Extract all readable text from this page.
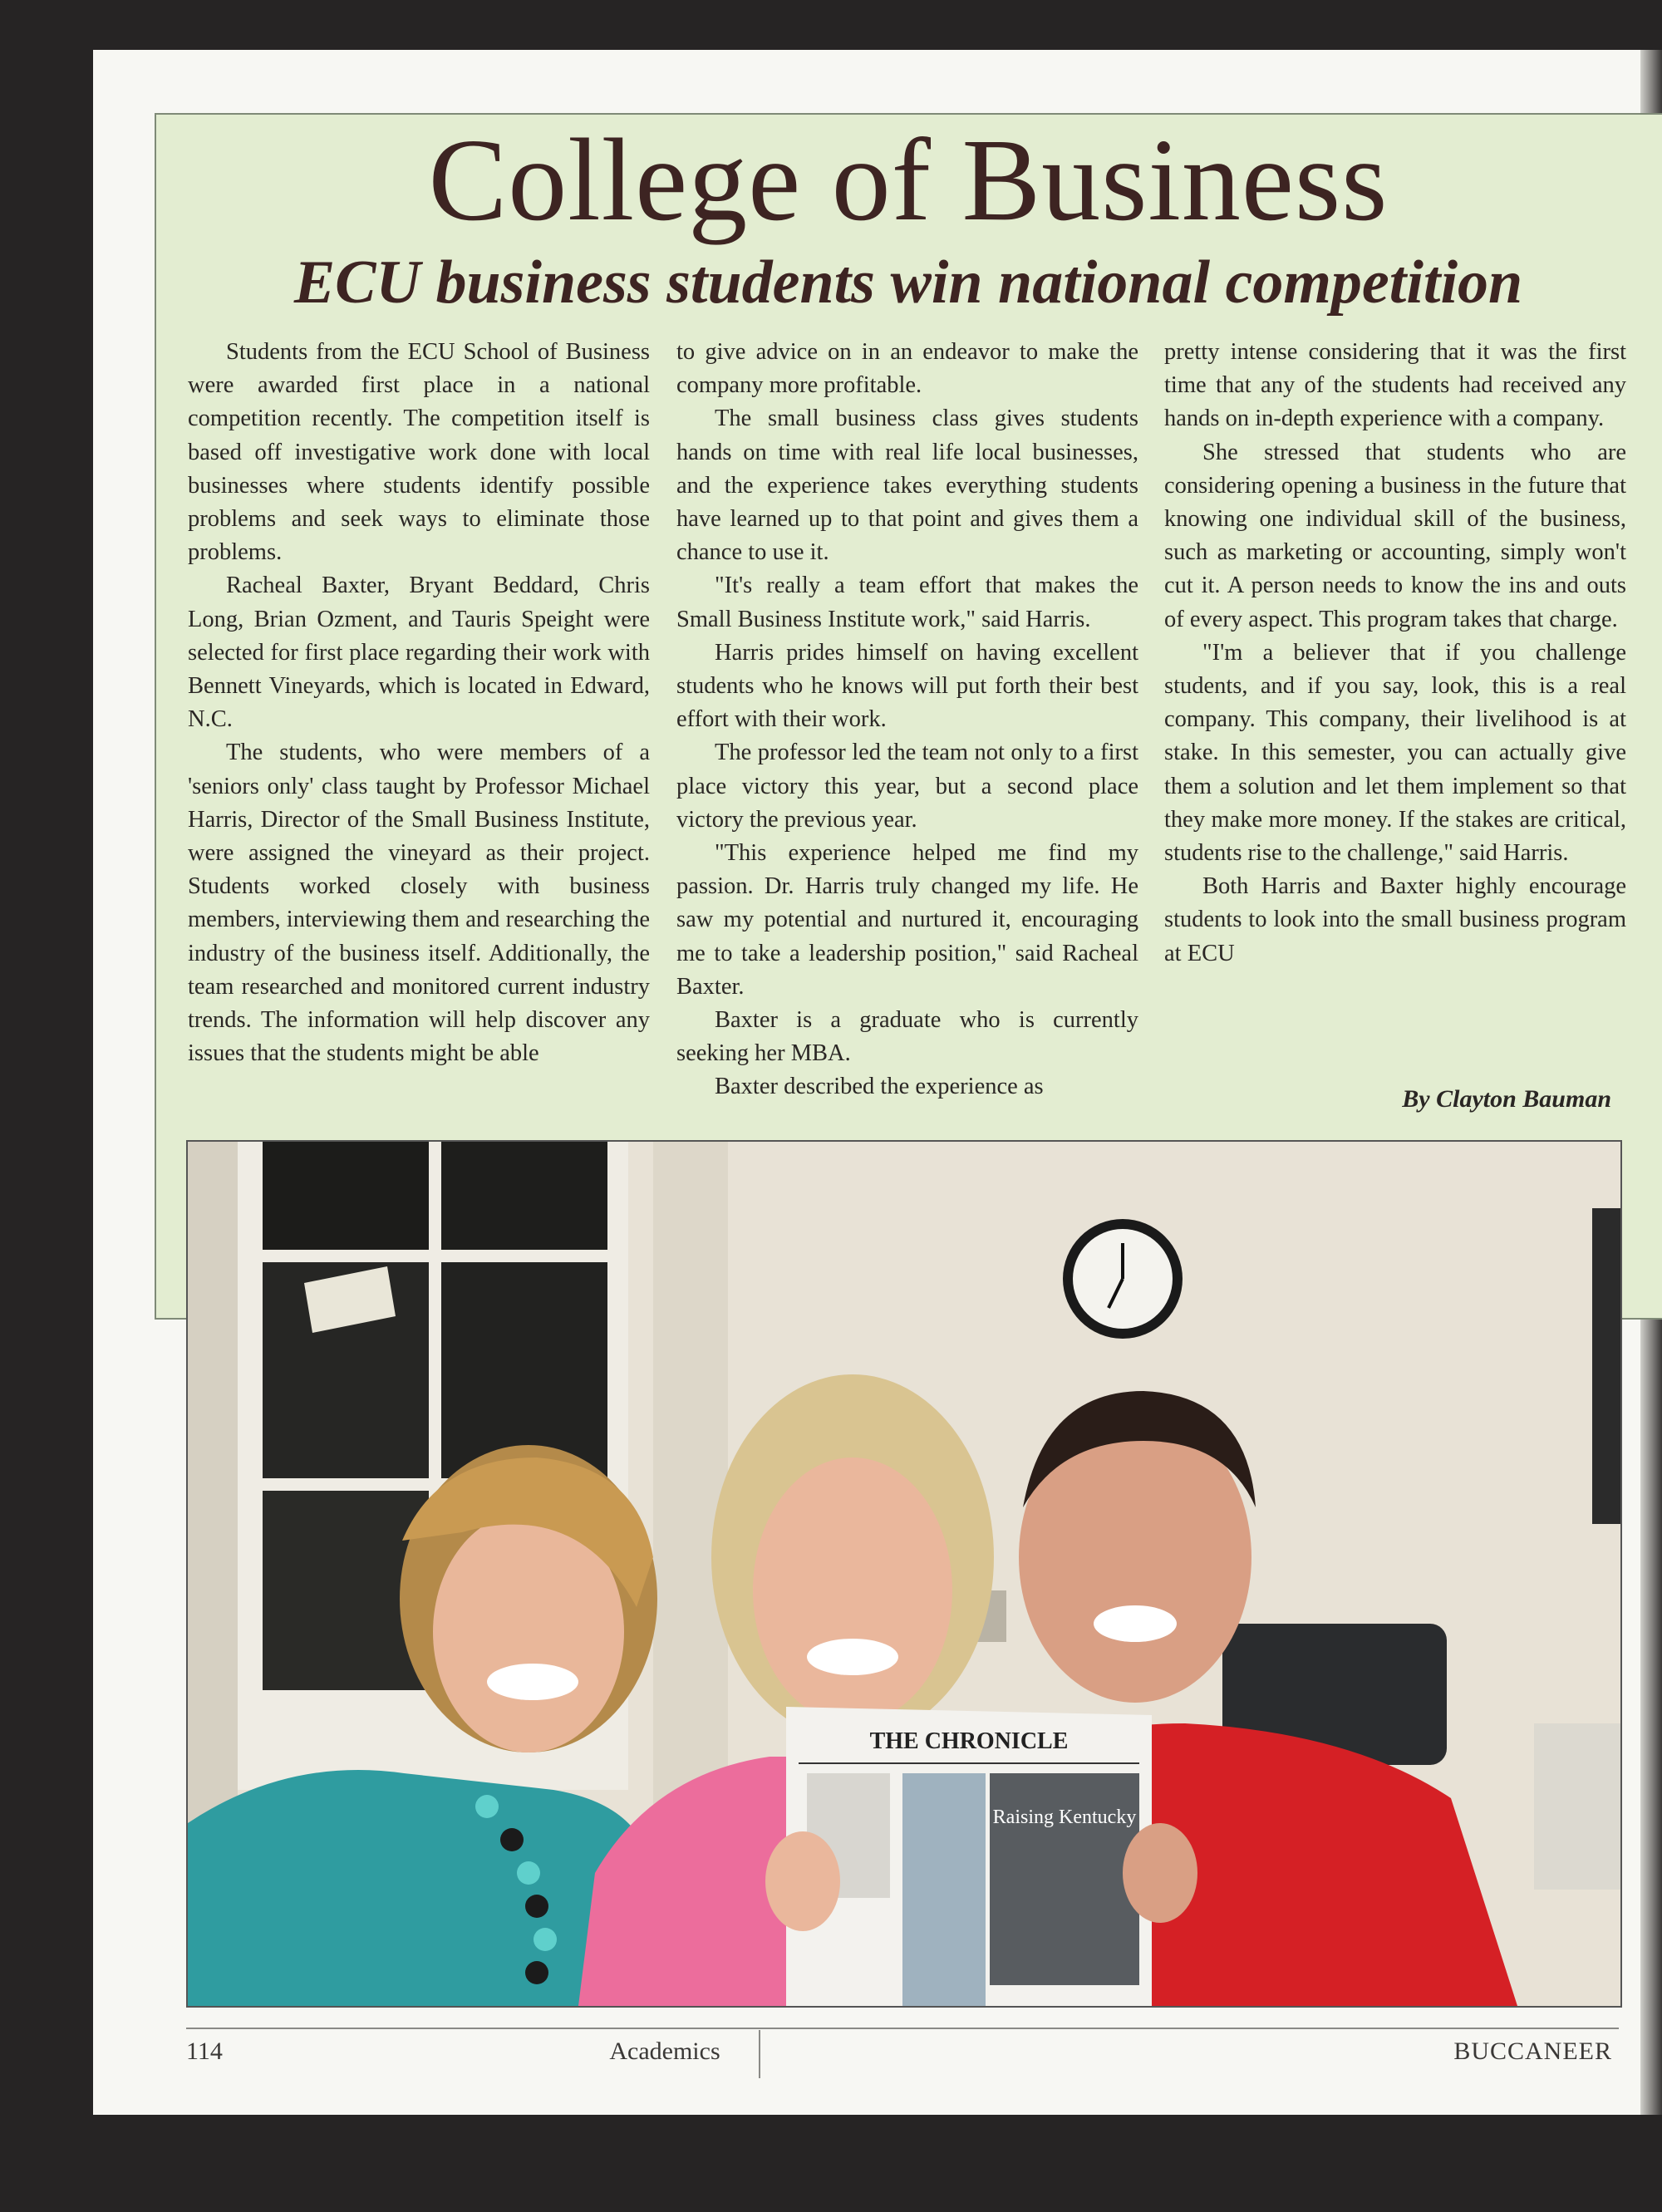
College of Business
ECU business students win national competition

Students from the ECU School of Business were awarded first place in a national competition recently. The competition itself is based off investigative work done with local businesses where students identify possible problems and seek ways to eliminate those problems.

Racheal Baxter, Bryant Beddard, Chris Long, Brian Ozment, and Tauris Speight were selected for first place regarding their work with Bennett Vineyards, which is located in Edward, N.C.

The students, who were members of a 'seniors only' class taught by Professor Michael Harris, Director of the Small Business Institute, were assigned the vineyard as their project. Students worked closely with business members, interviewing them and researching the industry of the business itself. Additionally, the team researched and monitored current industry trends. The information will help discover any issues that the students might be able

to give advice on in an endeavor to make the company more profitable.

The small business class gives students hands on time with real life local businesses, and the experience takes everything students have learned up to that point and gives them a chance to use it.

"It's really a team effort that makes the Small Business Institute work," said Harris.

Harris prides himself on having excellent students who he knows will put forth their best effort with their work.

The professor led the team not only to a first place victory this year, but a second place victory the previous year.

"This experience helped me find my passion. Dr. Harris truly changed my life. He saw my potential and nurtured it, encouraging me to take a leadership position," said Racheal Baxter.

Baxter is a graduate who is currently seeking her MBA.

Baxter described the experience as

pretty intense considering that it was the first time that any of the students had received any hands on in-depth experience with a company.

She stressed that students who are considering opening a business in the future that knowing one individual skill of the business, such as marketing or accounting, simply won't cut it. A person needs to know the ins and outs of every aspect. This program takes that charge.

"I'm a believer that if you challenge students, and if you say, look, this is a real company. This company, their livelihood is at stake. In this semester, you can actually give them a solution and let them implement so that they make more money. If the stakes are critical, students rise to the challenge," said Harris.

Both Harris and Baxter highly encourage students to look into the small business program at ECU

By Clayton Bauman
THE CHRONICLE
Raising Kentucky
114	Academics	BUCCANEER
